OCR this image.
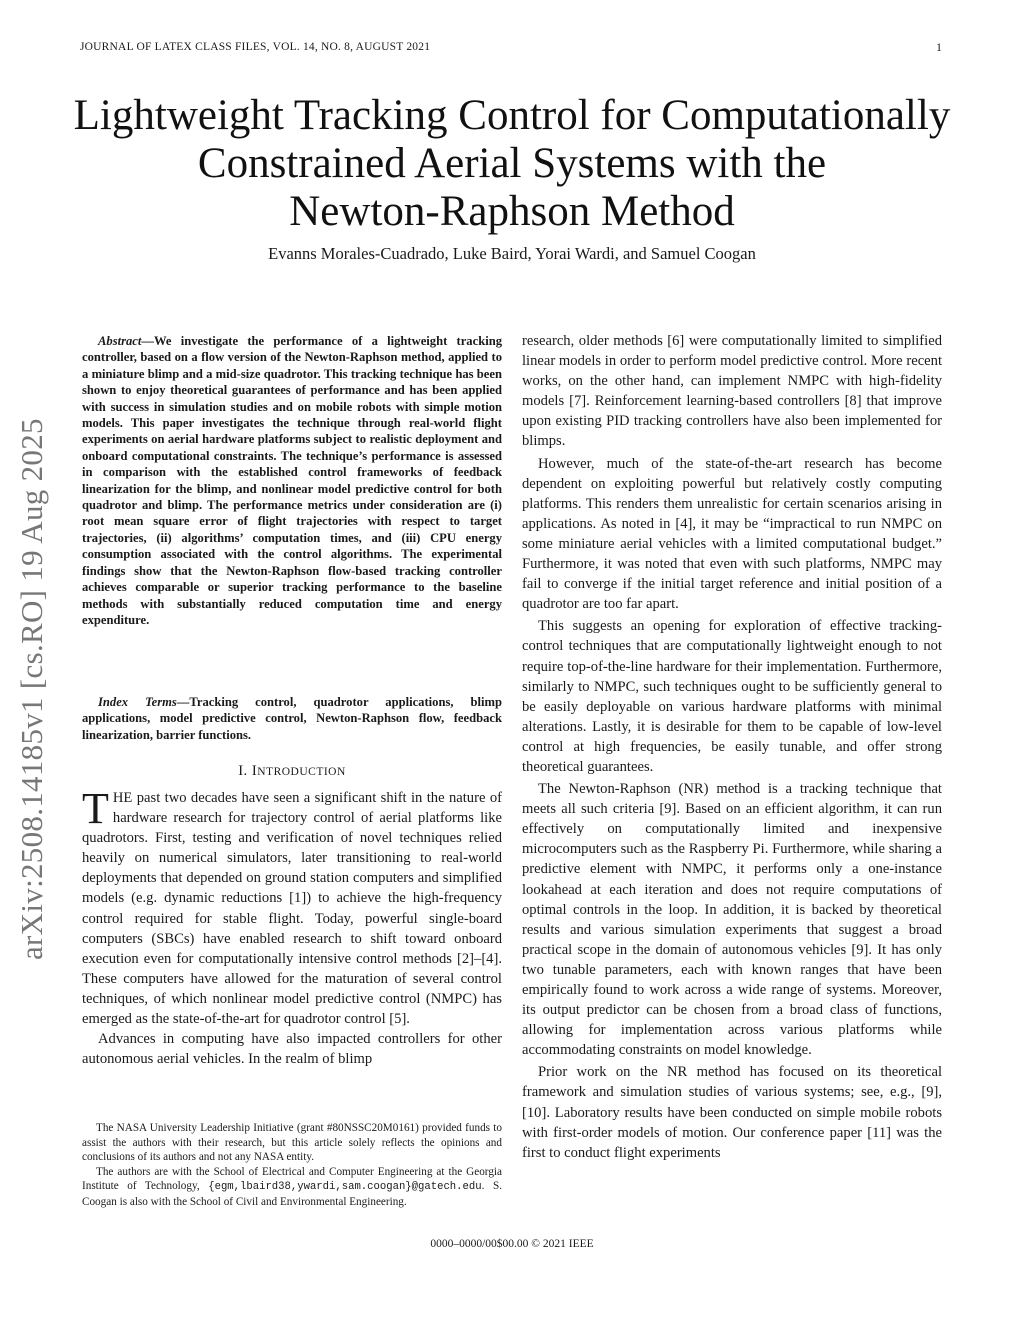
JOURNAL OF LATEX CLASS FILES, VOL. 14, NO. 8, AUGUST 2021	1
arXiv:2508.14185v1 [cs.RO] 19 Aug 2025
Lightweight Tracking Control for Computationally
Constrained Aerial Systems with the
Newton-Raphson Method
Evanns Morales-Cuadrado, Luke Baird, Yorai Wardi, and Samuel Coogan

Abstract—We investigate the performance of a lightweight tracking controller, based on a flow version of the Newton-Raphson method, applied to a miniature blimp and a mid-size quadrotor. This tracking technique has been shown to enjoy theoretical guarantees of performance and has been applied with success in simulation studies and on mobile robots with simple motion models. This paper investigates the technique through real-world flight experiments on aerial hardware platforms subject to realistic deployment and onboard computational constraints. The technique’s performance is assessed in comparison with the established control frameworks of feedback linearization for the blimp, and nonlinear model predictive control for both quadrotor and blimp. The performance metrics under consideration are (i) root mean square error of flight trajectories with respect to target trajectories, (ii) algorithms’ computation times, and (iii) CPU energy consumption associated with the control algorithms. The experimental findings show that the Newton-Raphson flow-based tracking controller achieves comparable or superior tracking performance to the baseline methods with substantially reduced computation time and energy expenditure.

Index Terms—Tracking control, quadrotor applications, blimp applications, model predictive control, Newton-Raphson flow, feedback linearization, barrier functions.

I. INTRODUCTION

THE past two decades have seen a significant shift in the nature of hardware research for trajectory control of aerial platforms like quadrotors. First, testing and verification of novel techniques relied heavily on numerical simulators, later transitioning to real-world deployments that depended on ground station computers and simplified models (e.g. dynamic reductions [1]) to achieve the high-frequency control required for stable flight. Today, powerful single-board computers (SBCs) have enabled research to shift toward onboard execution even for computationally intensive control methods [2]–[4]. These computers have allowed for the maturation of several control techniques, of which nonlinear model predictive control (NMPC) has emerged as the state-of-the-art for quadrotor control [5].

Advances in computing have also impacted controllers for other autonomous aerial vehicles. In the realm of blimp

The NASA University Leadership Initiative (grant #80NSSC20M0161) provided funds to assist the authors with their research, but this article solely reflects the opinions and conclusions of its authors and not any NASA entity.

The authors are with the School of Electrical and Computer Engineering at the Georgia Institute of Technology, {egm,lbaird38,ywardi,sam.coogan}@gatech.edu. S. Coogan is also with the School of Civil and Environmental Engineering.

research, older methods [6] were computationally limited to simplified linear models in order to perform model predictive control. More recent works, on the other hand, can implement NMPC with high-fidelity models [7]. Reinforcement learning-based controllers [8] that improve upon existing PID tracking controllers have also been implemented for blimps.

However, much of the state-of-the-art research has become dependent on exploiting powerful but relatively costly computing platforms. This renders them unrealistic for certain scenarios arising in applications. As noted in [4], it may be “impractical to run NMPC on some miniature aerial vehicles with a limited computational budget.” Furthermore, it was noted that even with such platforms, NMPC may fail to converge if the initial target reference and initial position of a quadrotor are too far apart.

This suggests an opening for exploration of effective tracking-control techniques that are computationally lightweight enough to not require top-of-the-line hardware for their implementation. Furthermore, similarly to NMPC, such techniques ought to be sufficiently general to be easily deployable on various hardware platforms with minimal alterations. Lastly, it is desirable for them to be capable of low-level control at high frequencies, be easily tunable, and offer strong theoretical guarantees.

The Newton-Raphson (NR) method is a tracking technique that meets all such criteria [9]. Based on an efficient algorithm, it can run effectively on computationally limited and inexpensive microcomputers such as the Raspberry Pi. Furthermore, while sharing a predictive element with NMPC, it performs only a one-instance lookahead at each iteration and does not require computations of optimal controls in the loop. In addition, it is backed by theoretical results and various simulation experiments that suggest a broad practical scope in the domain of autonomous vehicles [9]. It has only two tunable parameters, each with known ranges that have been empirically found to work across a wide range of systems. Moreover, its output predictor can be chosen from a broad class of functions, allowing for implementation across various platforms while accommodating constraints on model knowledge.

Prior work on the NR method has focused on its theoretical framework and simulation studies of various systems; see, e.g., [9], [10]. Laboratory results have been conducted on simple mobile robots with first-order models of motion. Our conference paper [11] was the first to conduct flight experiments

0000–0000/00$00.00 © 2021 IEEE
